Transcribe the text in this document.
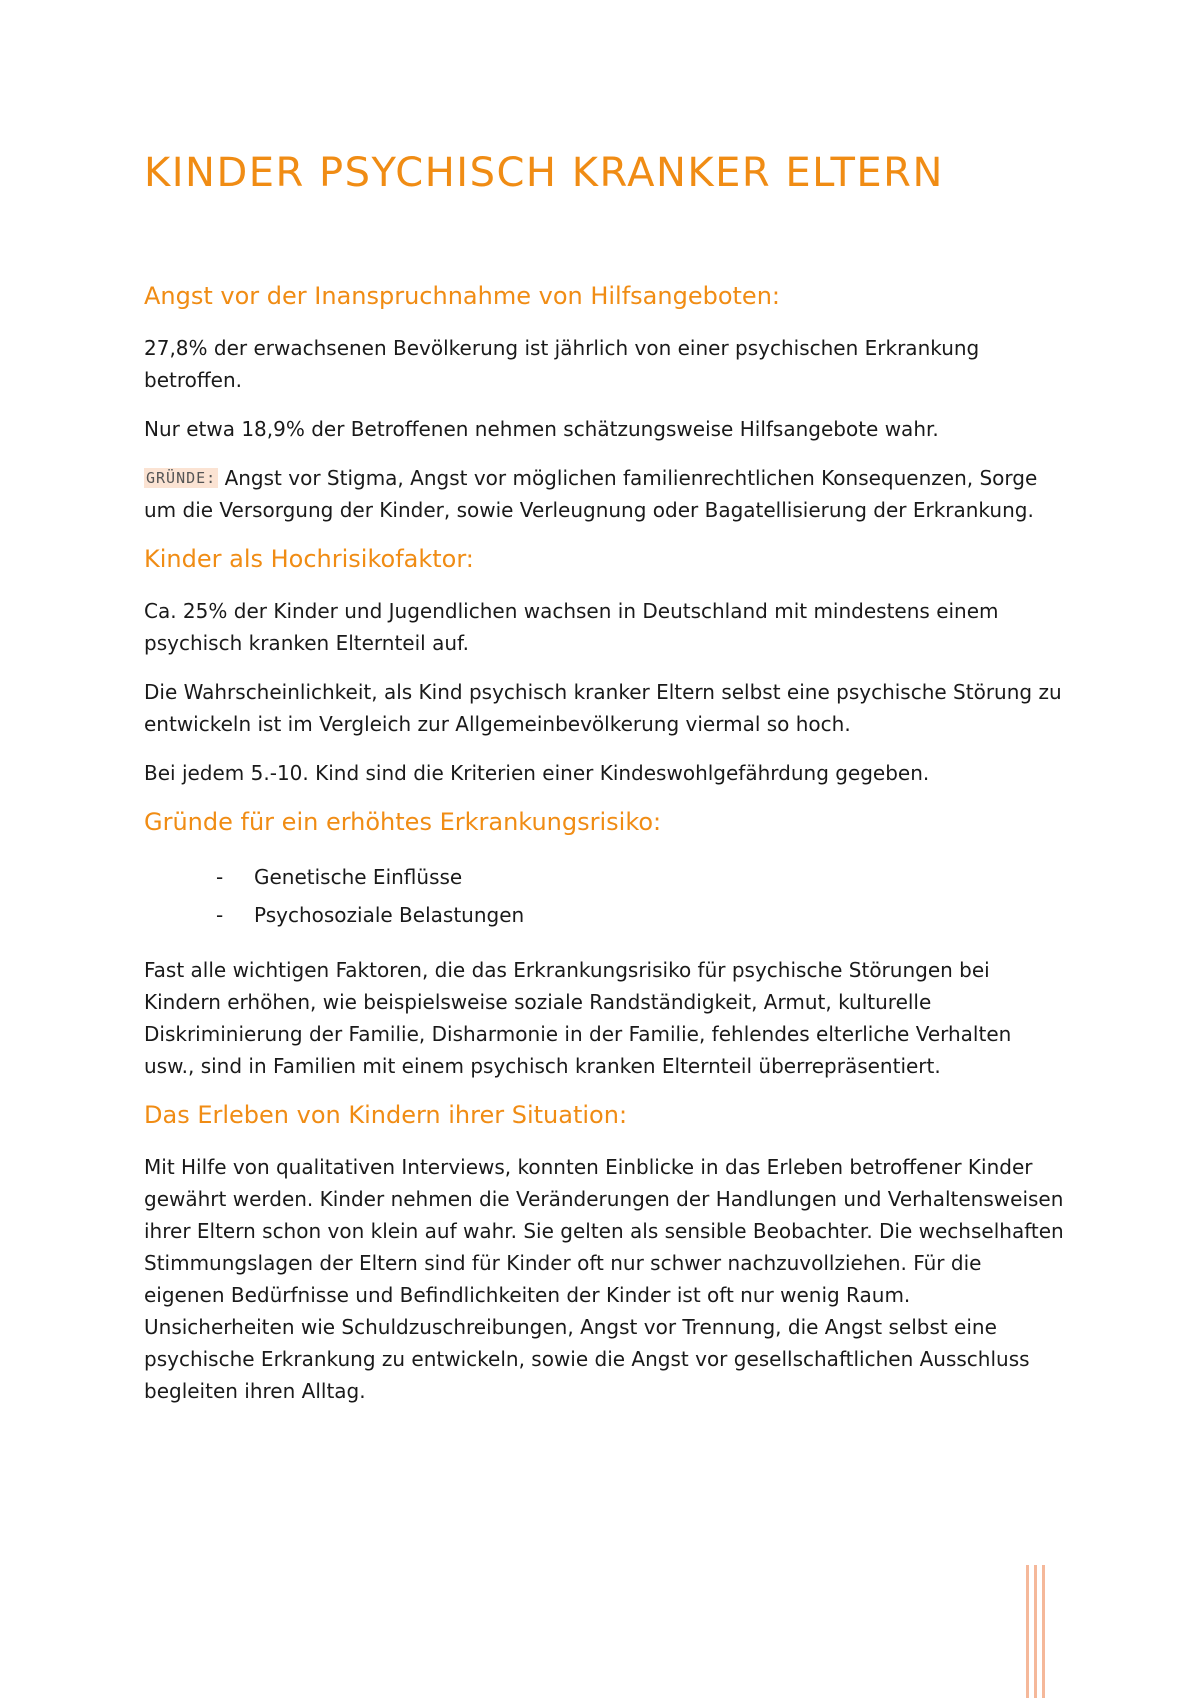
KINDER PSYCHISCH KRANKER ELTERN
Angst vor der Inanspruchnahme von Hilfsangeboten:

27,8% der erwachsenen Bevölkerung ist jährlich von einer psychischen Erkrankung betroffen.

Nur etwa 18,9% der Betroffenen nehmen schätzungsweise Hilfsangebote wahr.

GRÜNDE: Angst vor Stigma, Angst vor möglichen familienrechtlichen Konsequenzen, Sorge um die Versorgung der Kinder, sowie Verleugnung oder Bagatellisierung der Erkrankung.

Kinder als Hochrisikofaktor:

Ca. 25% der Kinder und Jugendlichen wachsen in Deutschland mit mindestens einem psychisch kranken Elternteil auf.

Die Wahrscheinlichkeit, als Kind psychisch kranker Eltern selbst eine psychische Störung zu entwickeln ist im Vergleich zur Allgemeinbevölkerung viermal so hoch.

Bei jedem 5.-10. Kind sind die Kriterien einer Kindeswohlgefährdung gegeben.

Gründe für ein erhöhtes Erkrankungsrisiko:
- Genetische Einflüsse
- Psychosoziale Belastungen

Fast alle wichtigen Faktoren, die das Erkrankungsrisiko für psychische Störungen bei Kindern erhöhen, wie beispielsweise soziale Randständigkeit, Armut, kulturelle Diskriminierung der Familie, Disharmonie in der Familie, fehlendes elterliche Verhalten usw., sind in Familien mit einem psychisch kranken Elternteil überrepräsentiert.

Das Erleben von Kindern ihrer Situation:

Mit Hilfe von qualitativen Interviews, konnten Einblicke in das Erleben betroffener Kinder gewährt werden. Kinder nehmen die Veränderungen der Handlungen und Verhaltensweisen ihrer Eltern schon von klein auf wahr. Sie gelten als sensible Beobachter. Die wechselhaften Stimmungslagen der Eltern sind für Kinder oft nur schwer nachzuvollziehen. Für die eigenen Bedürfnisse und Befindlichkeiten der Kinder ist oft nur wenig Raum. Unsicherheiten wie Schuldzuschreibungen, Angst vor Trennung, die Angst selbst eine psychische Erkrankung zu entwickeln, sowie die Angst vor gesellschaftlichen Ausschluss begleiten ihren Alltag.
